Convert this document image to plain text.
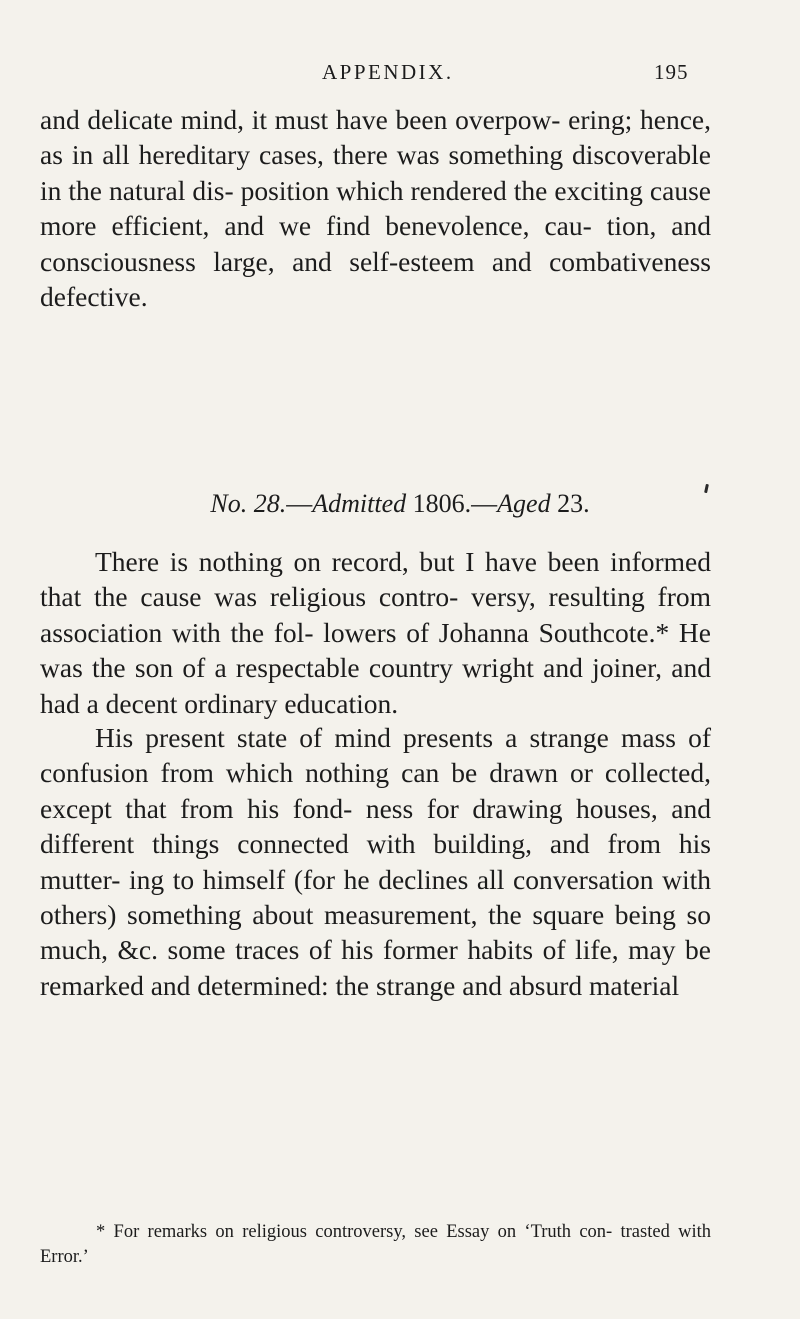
APPENDIX.	195

and delicate mind, it must have been overpow- ering; hence, as in all hereditary cases, there was something discoverable in the natural dis- position which rendered the exciting cause more efficient, and we find benevolence, cau- tion, and consciousness large, and self-esteem and combativeness defective.

No. 28.—Admitted 1806.—Aged 23.

There is nothing on record, but I have been informed that the cause was religious contro- versy, resulting from association with the fol- lowers of Johanna Southcote.* He was the son of a respectable country wright and joiner, and had a decent ordinary education.

His present state of mind presents a strange mass of confusion from which nothing can be drawn or collected, except that from his fond- ness for drawing houses, and different things connected with building, and from his mutter- ing to himself (for he declines all conversation with others) something about measurement, the square being so much, &c. some traces of his former habits of life, may be remarked and determined: the strange and absurd material

* For remarks on religious controversy, see Essay on ‘Truth con- trasted with Error.’
